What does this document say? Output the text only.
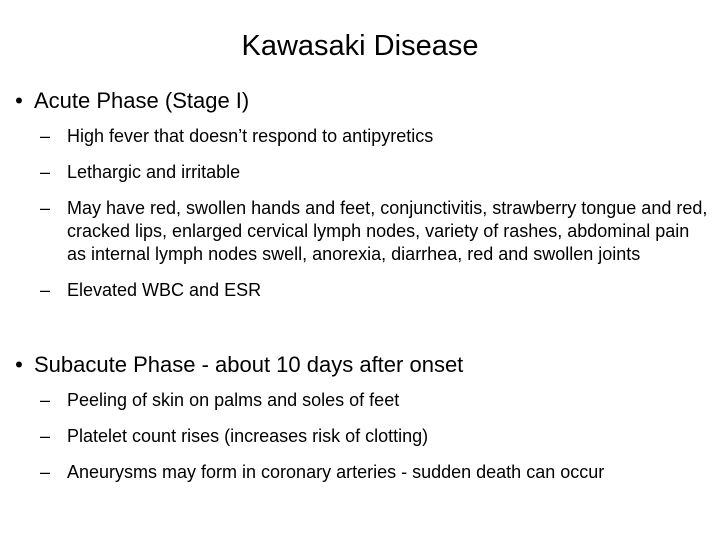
Kawasaki Disease
• Acute Phase (Stage I)
– High fever that doesn’t respond to antipyretics
– Lethargic and irritable
– May have red, swollen hands and feet, conjunctivitis, strawberry tongue and red, cracked lips, enlarged cervical lymph nodes, variety of rashes, abdominal pain as internal lymph nodes swell, anorexia, diarrhea, red and swollen joints
– Elevated WBC and ESR
• Subacute Phase - about 10 days after onset
– Peeling of skin on palms and soles of feet
– Platelet count rises (increases risk of clotting)
– Aneurysms may form in coronary arteries - sudden death can occur
